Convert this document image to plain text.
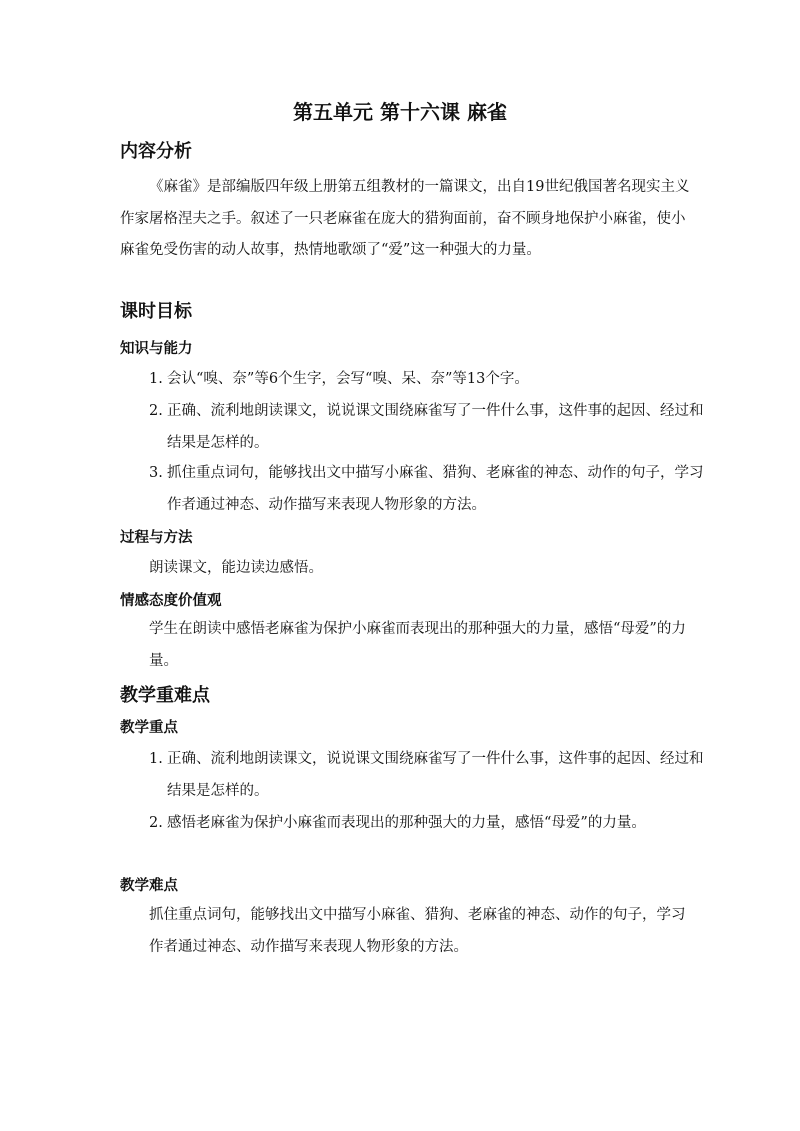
第五单元 第十六课 麻雀
内容分析
《麻雀》是部编版四年级上册第五组教材的一篇课文，出自19世纪俄国著名现实主义作家屠格涅夫之手。叙述了一只老麻雀在庞大的猎狗面前，奋不顾身地保护小麻雀，使小麻雀免受伤害的动人故事，热情地歌颂了“爱”这一种强大的力量。
课时目标
知识与能力
1. 会认“嗅、奈”等6个生字，会写“嗅、呆、奈”等13个字。
2. 正确、流利地朗读课文，说说课文围绕麻雀写了一件什么事，这件事的起因、经过和结果是怎样的。
3. 抓住重点词句，能够找出文中描写小麻雀、猎狗、老麻雀的神态、动作的句子，学习作者通过神态、动作描写来表现人物形象的方法。
过程与方法
朗读课文，能边读边感悟。
情感态度价值观
学生在朗读中感悟老麻雀为保护小麻雀而表现出的那种强大的力量，感悟“母爱”的力量。
教学重难点
教学重点
1. 正确、流利地朗读课文，说说课文围绕麻雀写了一件什么事，这件事的起因、经过和结果是怎样的。
2. 感悟老麻雀为保护小麻雀而表现出的那种强大的力量，感悟“母爱”的力量。
教学难点
抓住重点词句，能够找出文中描写小麻雀、猎狗、老麻雀的神态、动作的句子，学习作者通过神态、动作描写来表现人物形象的方法。
